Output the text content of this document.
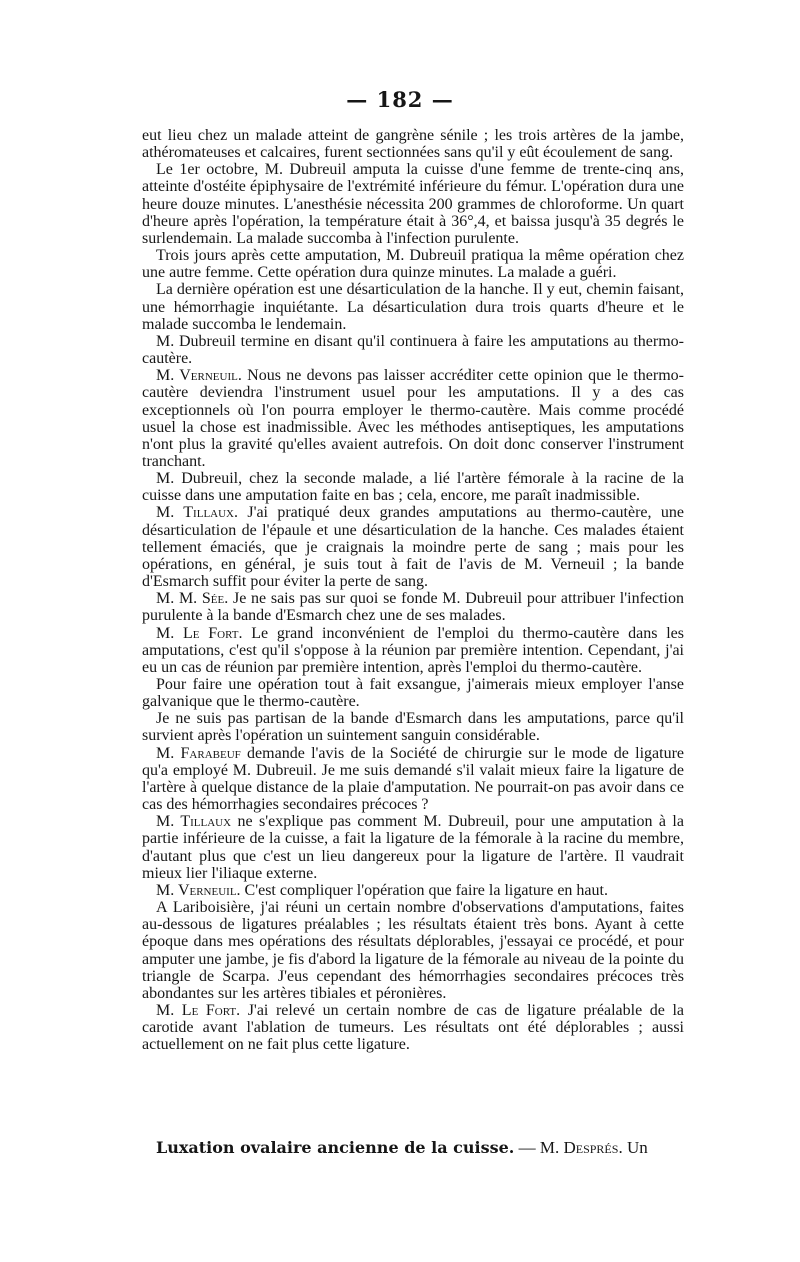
— 182 —

eut lieu chez un malade atteint de gangrène sénile ; les trois artères de la jambe, athéromateuses et calcaires, furent sectionnées sans qu'il y eût écoulement de sang.

Le 1er octobre, M. Dubreuil amputa la cuisse d'une femme de trente-cinq ans, atteinte d'ostéite épiphysaire de l'extrémité inférieure du fémur. L'opération dura une heure douze minutes. L'anesthésie nécessita 200 grammes de chloroforme. Un quart d'heure après l'opération, la température était à 36°,4, et baissa jusqu'à 35 degrés le surlendemain. La malade succomba à l'infection purulente.

Trois jours après cette amputation, M. Dubreuil pratiqua la même opération chez une autre femme. Cette opération dura quinze minutes. La malade a guéri.

La dernière opération est une désarticulation de la hanche. Il y eut, chemin faisant, une hémorrhagie inquiétante. La désarticulation dura trois quarts d'heure et le malade succomba le lendemain.

M. Dubreuil termine en disant qu'il continuera à faire les amputations au thermo-cautère.

M. Verneuil. Nous ne devons pas laisser accréditer cette opinion que le thermo-cautère deviendra l'instrument usuel pour les amputations. Il y a des cas exceptionnels où l'on pourra employer le thermo-cautère. Mais comme procédé usuel la chose est inadmissible. Avec les méthodes antiseptiques, les amputations n'ont plus la gravité qu'elles avaient autrefois. On doit donc conserver l'instrument tranchant.

M. Dubreuil, chez la seconde malade, a lié l'artère fémorale à la racine de la cuisse dans une amputation faite en bas ; cela, encore, me paraît inadmissible.

M. Tillaux. J'ai pratiqué deux grandes amputations au thermo-cautère, une désarticulation de l'épaule et une désarticulation de la hanche. Ces malades étaient tellement émaciés, que je craignais la moindre perte de sang ; mais pour les opérations, en général, je suis tout à fait de l'avis de M. Verneuil ; la bande d'Esmarch suffit pour éviter la perte de sang.

M. M. Sée. Je ne sais pas sur quoi se fonde M. Dubreuil pour attribuer l'infection purulente à la bande d'Esmarch chez une de ses malades.

M. Le Fort. Le grand inconvénient de l'emploi du thermo-cautère dans les amputations, c'est qu'il s'oppose à la réunion par première intention. Cependant, j'ai eu un cas de réunion par première intention, après l'emploi du thermo-cautère.

Pour faire une opération tout à fait exsangue, j'aimerais mieux employer l'anse galvanique que le thermo-cautère.

Je ne suis pas partisan de la bande d'Esmarch dans les amputations, parce qu'il survient après l'opération un suintement sanguin considérable.

M. Farabeuf demande l'avis de la Société de chirurgie sur le mode de ligature qu'a employé M. Dubreuil. Je me suis demandé s'il valait mieux faire la ligature de l'artère à quelque distance de la plaie d'amputation. Ne pourrait-on pas avoir dans ce cas des hémorrhagies secondaires précoces ?

M. Tillaux ne s'explique pas comment M. Dubreuil, pour une amputation à la partie inférieure de la cuisse, a fait la ligature de la fémorale à la racine du membre, d'autant plus que c'est un lieu dangereux pour la ligature de l'artère. Il vaudrait mieux lier l'iliaque externe.

M. Verneuil. C'est compliquer l'opération que faire la ligature en haut.

A Lariboisière, j'ai réuni un certain nombre d'observations d'amputations, faites au-dessous de ligatures préalables ; les résultats étaient très bons. Ayant à cette époque dans mes opérations des résultats déplorables, j'essayai ce procédé, et pour amputer une jambe, je fis d'abord la ligature de la fémorale au niveau de la pointe du triangle de Scarpa. J'eus cependant des hémorrhagies secondaires précoces très abondantes sur les artères tibiales et péronières.

M. Le Fort. J'ai relevé un certain nombre de cas de ligature préalable de la carotide avant l'ablation de tumeurs. Les résultats ont été déplorables ; aussi actuellement on ne fait plus cette ligature.

Luxation ovalaire ancienne de la cuisse. — M. Després. Un
